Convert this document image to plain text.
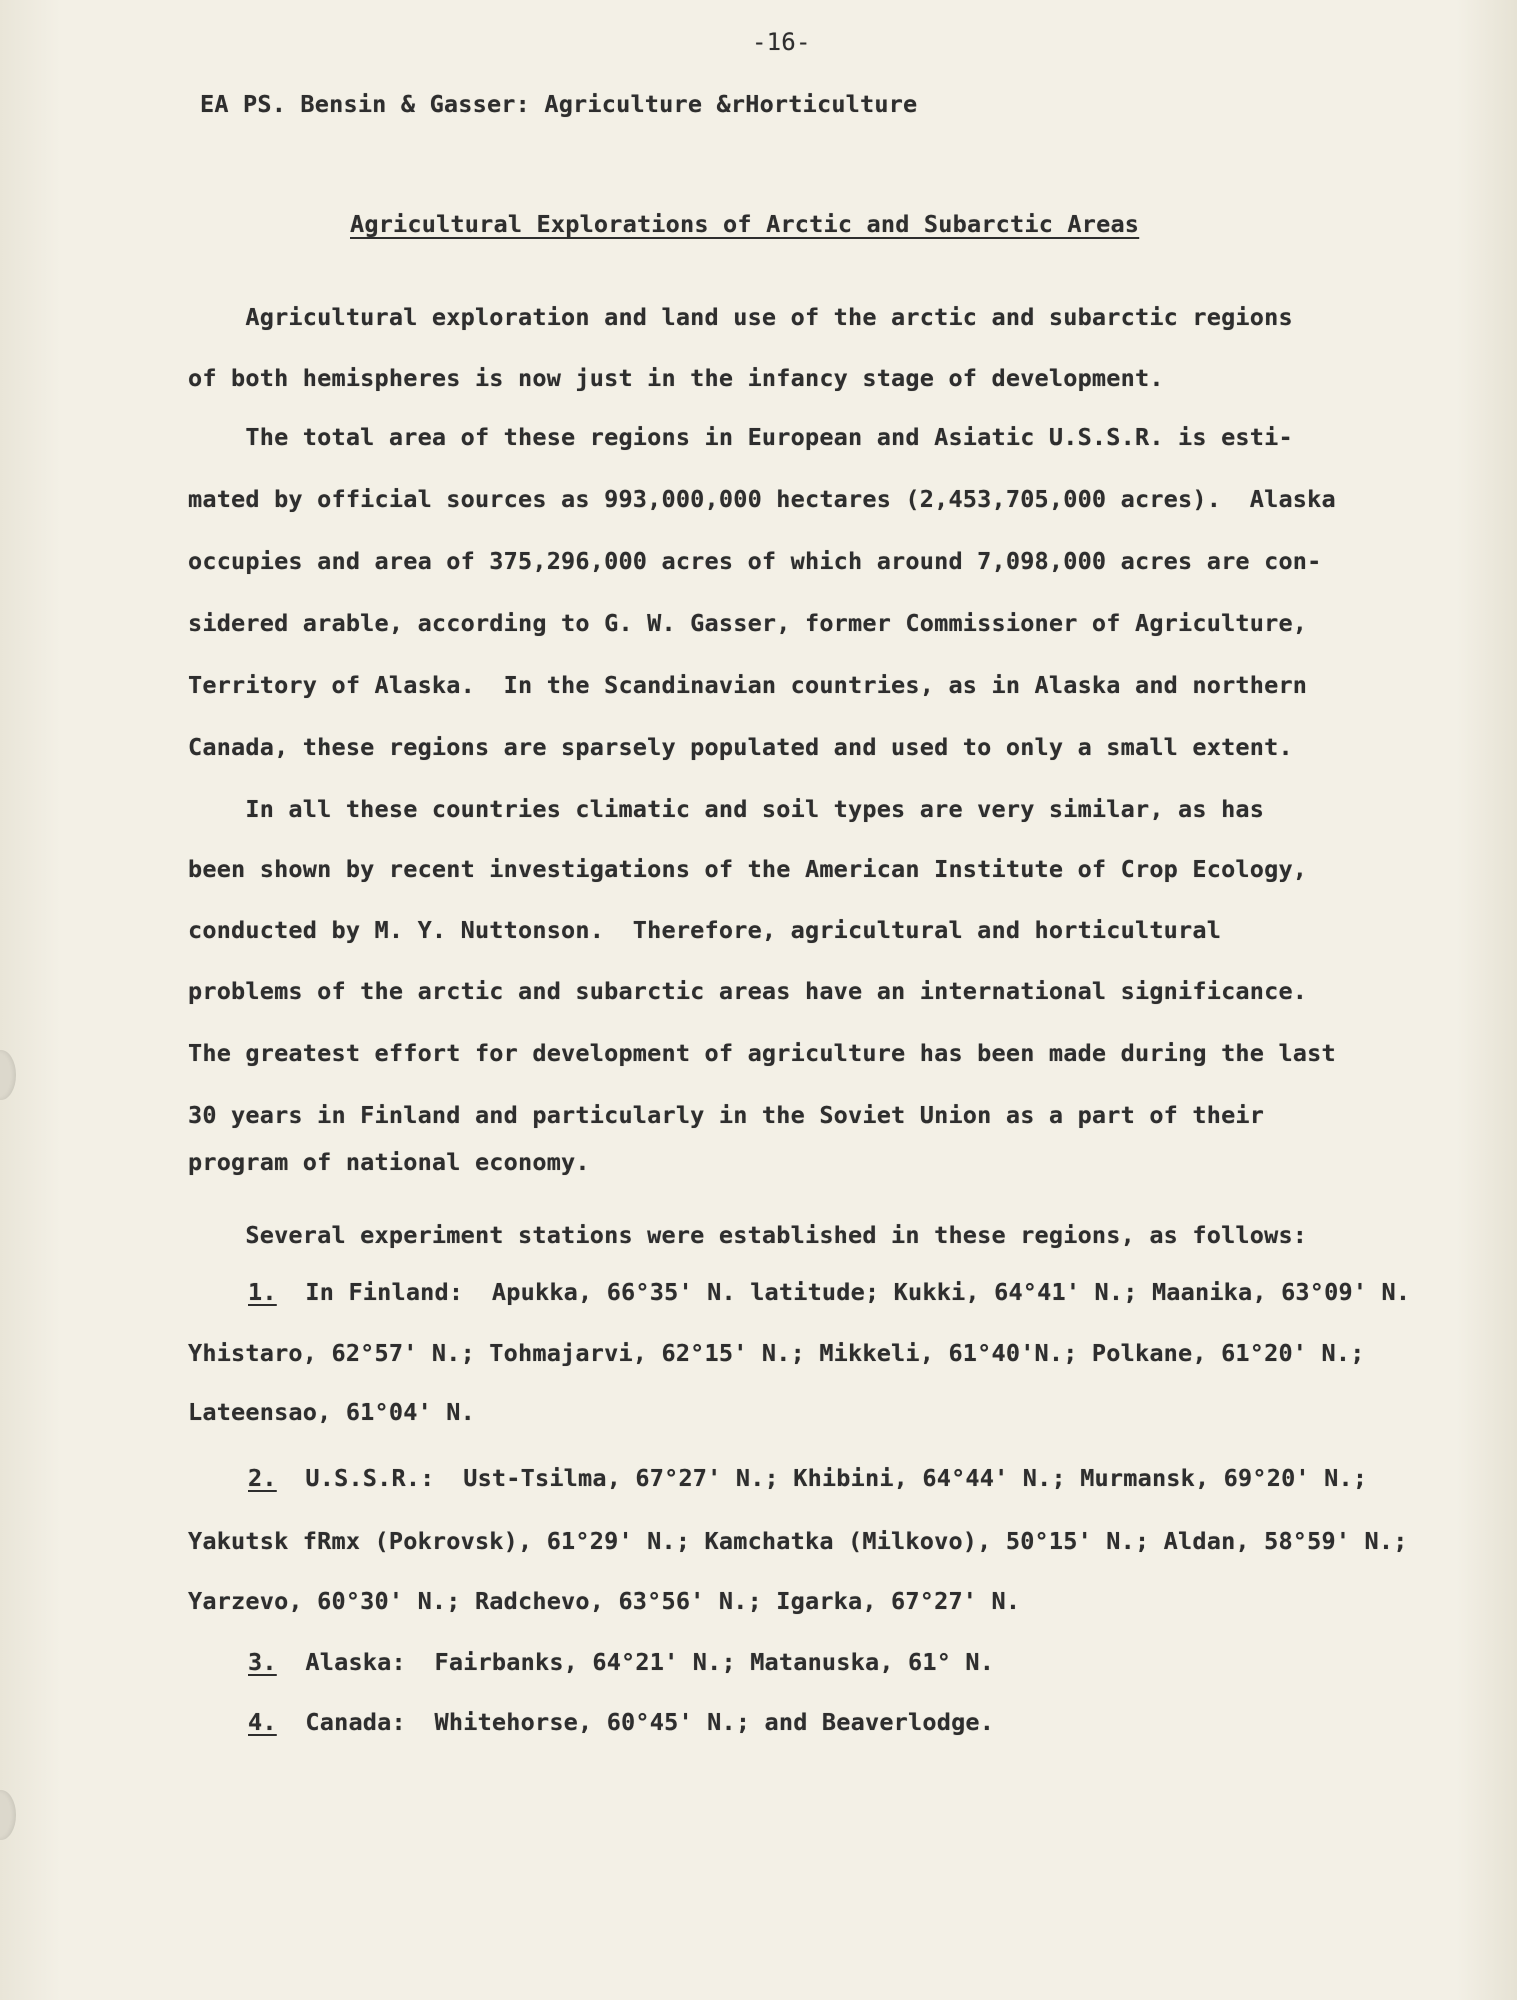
-16-
EA PS. Bensin & Gasser: Agriculture &rHorticulture
Agricultural Explorations of Arctic and Subarctic Areas
Agricultural exploration and land use of the arctic and subarctic regions
of both hemispheres is now just in the infancy stage of development.
The total area of these regions in European and Asiatic U.S.S.R. is esti-
mated by official sources as 993,000,000 hectares (2,453,705,000 acres).  Alaska
occupies and area of 375,296,000 acres of which around 7,098,000 acres are con-
sidered arable, according to G. W. Gasser, former Commissioner of Agriculture,
Territory of Alaska.  In the Scandinavian countries, as in Alaska and northern
Canada, these regions are sparsely populated and used to only a small extent.
In all these countries climatic and soil types are very similar, as has
been shown by recent investigations of the American Institute of Crop Ecology,
conducted by M. Y. Nuttonson.  Therefore, agricultural and horticultural
problems of the arctic and subarctic areas have an international significance.
The greatest effort for development of agriculture has been made during the last
30 years in Finland and particularly in the Soviet Union as a part of their
program of national economy.
Several experiment stations were established in these regions, as follows:
1.  In Finland:  Apukka, 66°35' N. latitude; Kukki, 64°41' N.; Maanika, 63°09' N.
Yhistaro, 62°57' N.; Tohmajarvi, 62°15' N.; Mikkeli, 61°40'N.; Polkane, 61°20' N.;
Lateensao, 61°04' N.
2.  U.S.S.R.:  Ust-Tsilma, 67°27' N.; Khibini, 64°44' N.; Murmansk, 69°20' N.;
Yakutsk fRmx (Pokrovsk), 61°29' N.; Kamchatka (Milkovo), 50°15' N.; Aldan, 58°59' N.;
Yarzevo, 60°30' N.; Radchevo, 63°56' N.; Igarka, 67°27' N.
3.  Alaska:  Fairbanks, 64°21' N.; Matanuska, 61° N.
4.  Canada:  Whitehorse, 60°45' N.; and Beaverlodge.
